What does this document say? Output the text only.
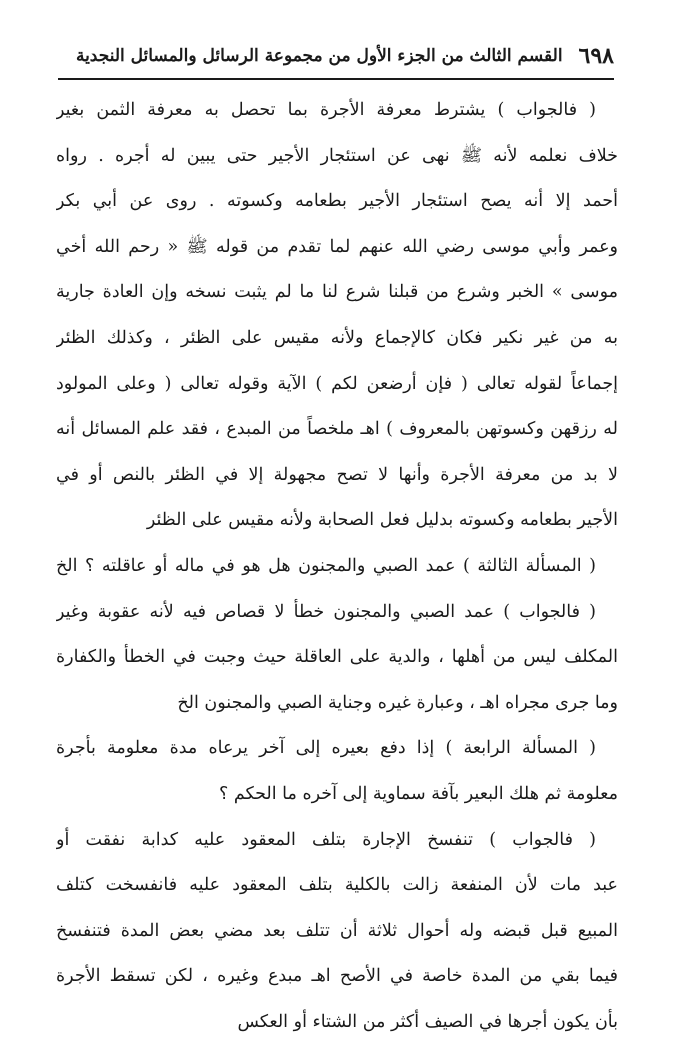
٦٩٨
القسم الثالث من الجزء الأول من مجموعة الرسائل والمسائل النجدية
( فالجواب ) يشترط معرفة الأجرة بما تحصل به معرفة الثمن بغير
خلاف نعلمه لأنه ﷺ نهى عن استئجار الأجير حتى يبين له أجره . رواه
أحمد إلا أنه يصح استئجار الأجير بطعامه وكسوته . روى عن أبي بكر
وعمر وأبي موسى رضي الله عنهم لما تقدم من قوله ﷺ « رحم الله أخي
موسى » الخبر وشرع من قبلنا شرع لنا ما لم يثبت نسخه وإن العادة جارية
به من غير نكير فكان كالإجماع ولأنه مقيس على الظئر ، وكذلك الظئر
إجماعاً لقوله تعالى ( فإن أرضعن لكم ) الآية وقوله تعالى ( وعلى المولود
له رزقهن وكسوتهن بالمعروف ) اهـ ملخصاً من المبدع ، فقد علم المسائل أنه
لا بد من معرفة الأجرة وأنها لا تصح مجهولة إلا في الظئر بالنص أو في
الأجير بطعامه وكسوته بدليل فعل الصحابة ولأنه مقيس على الظئر
( المسألة الثالثة ) عمد الصبي والمجنون هل هو في ماله أو عاقلته ؟ الخ
( فالجواب ) عمد الصبي والمجنون خطأ لا قصاص فيه لأنه عقوبة وغير
المكلف ليس من أهلها ، والدية على العاقلة حيث وجبت في الخطأ والكفارة
وما جرى مجراه اهـ ، وعبارة غيره وجناية الصبي والمجنون الخ
( المسألة الرابعة ) إذا دفع بعيره إلى آخر يرعاه مدة معلومة بأجرة
معلومة ثم هلك البعير بآفة سماوية إلى آخره ما الحكم ؟
( فالجواب ) تنفسخ الإجارة بتلف المعقود عليه كدابة نفقت أو
عبد مات لأن المنفعة زالت بالكلية بتلف المعقود عليه فانفسخت كتلف
المبيع قبل قبضه وله أحوال ثلاثة أن تتلف بعد مضي بعض المدة فتنفسخ
فيما بقي من المدة خاصة في الأصح اهـ مبدع وغيره ، لكن تسقط الأجرة
بأن يكون أجرها في الصيف أكثر من الشتاء أو العكس
